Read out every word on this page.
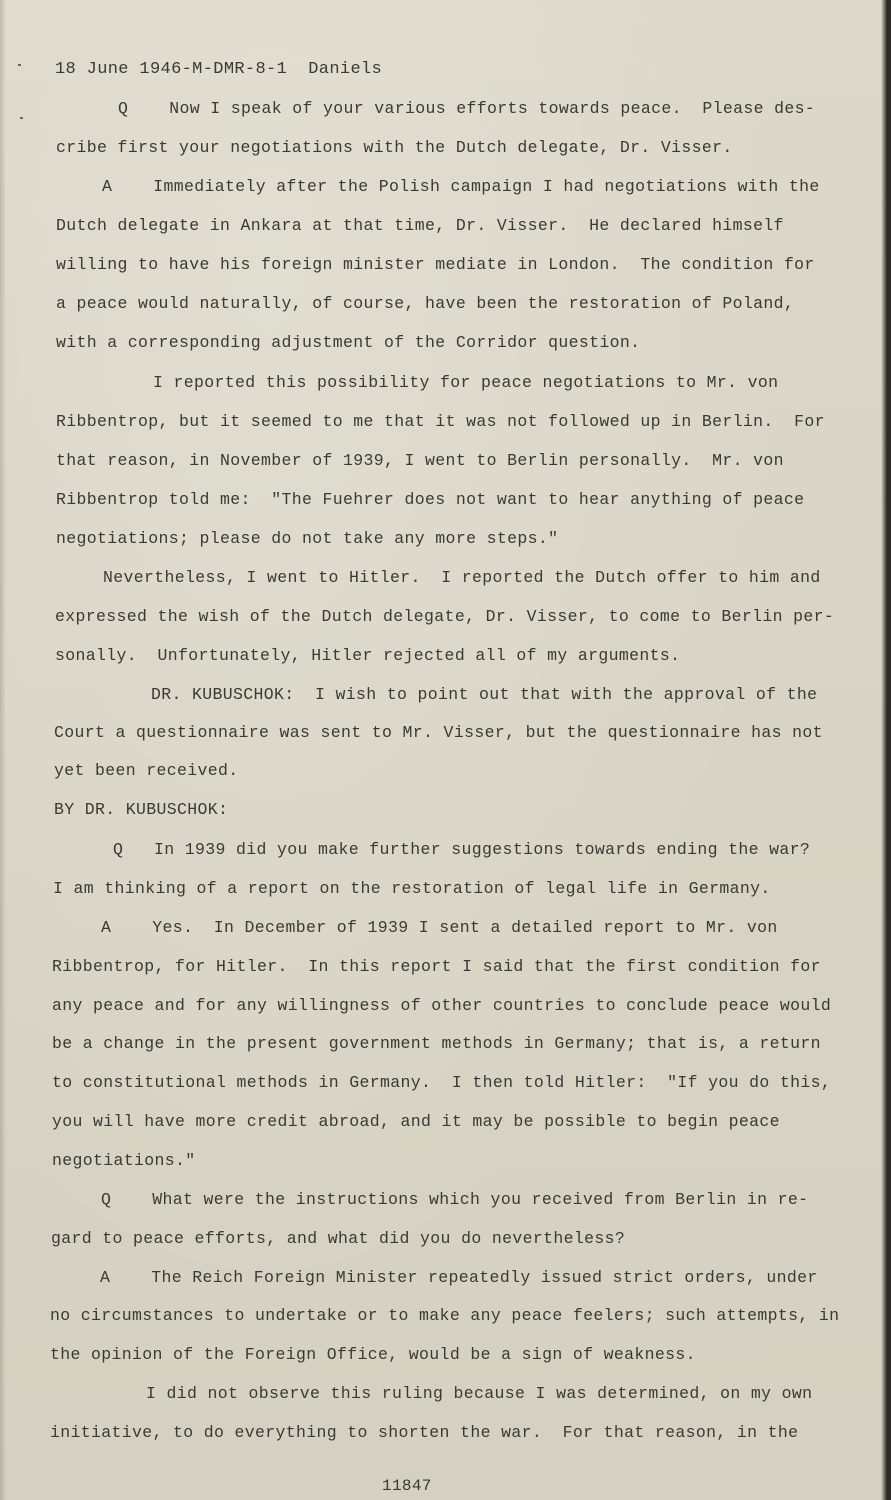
18 June 1946-M-DMR-8-1  Daniels
Q    Now I speak of your various efforts towards peace.  Please des-
cribe first your negotiations with the Dutch delegate, Dr. Visser.
A    Immediately after the Polish campaign I had negotiations with the
Dutch delegate in Ankara at that time, Dr. Visser.  He declared himself
willing to have his foreign minister mediate in London.  The condition for
a peace would naturally, of course, have been the restoration of Poland,
with a corresponding adjustment of the Corridor question.
I reported this possibility for peace negotiations to Mr. von
Ribbentrop, but it seemed to me that it was not followed up in Berlin.  For
that reason, in November of 1939, I went to Berlin personally.  Mr. von
Ribbentrop told me:  "The Fuehrer does not want to hear anything of peace
negotiations; please do not take any more steps."
Nevertheless, I went to Hitler.  I reported the Dutch offer to him and
expressed the wish of the Dutch delegate, Dr. Visser, to come to Berlin per-
sonally.  Unfortunately, Hitler rejected all of my arguments.
DR. KUBUSCHOK:  I wish to point out that with the approval of the
Court a questionnaire was sent to Mr. Visser, but the questionnaire has not
yet been received.
BY DR. KUBUSCHOK:
Q   In 1939 did you make further suggestions towards ending the war?
I am thinking of a report on the restoration of legal life in Germany.
A    Yes.  In December of 1939 I sent a detailed report to Mr. von
Ribbentrop, for Hitler.  In this report I said that the first condition for
any peace and for any willingness of other countries to conclude peace would
be a change in the present government methods in Germany; that is, a return
to constitutional methods in Germany.  I then told Hitler:  "If you do this,
you will have more credit abroad, and it may be possible to begin peace
negotiations."
Q    What were the instructions which you received from Berlin in re-
gard to peace efforts, and what did you do nevertheless?
A    The Reich Foreign Minister repeatedly issued strict orders, under
no circumstances to undertake or to make any peace feelers; such attempts, in
the opinion of the Foreign Office, would be a sign of weakness.
I did not observe this ruling because I was determined, on my own
initiative, to do everything to shorten the war.  For that reason, in the
11847
